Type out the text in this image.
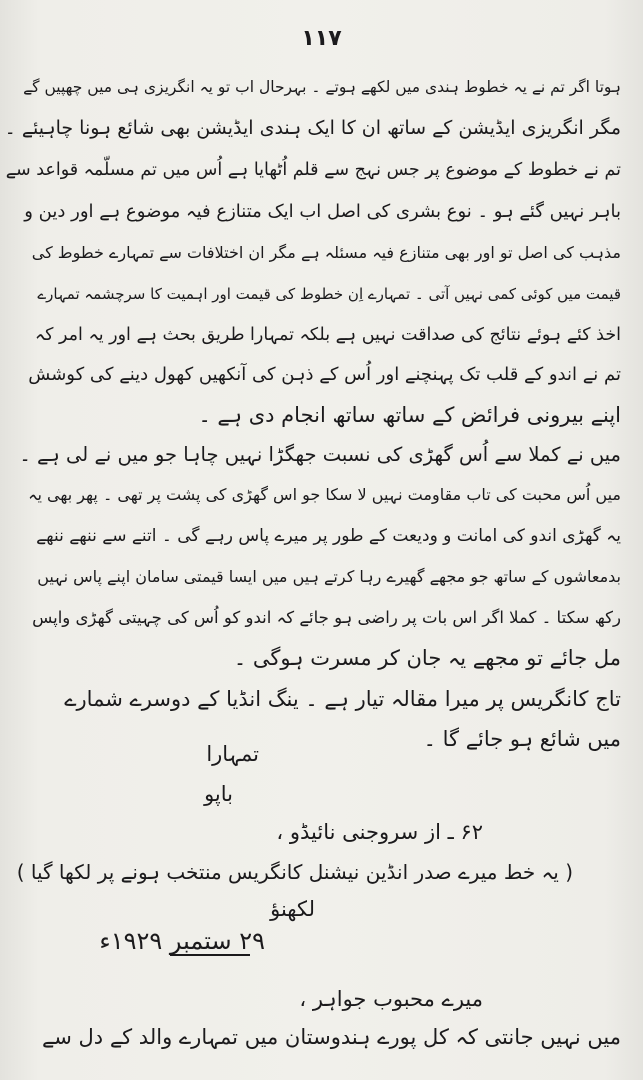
۱۱۷
ہوتا اگر تم نے یہ خطوط ہندی میں لکھے ہوتے ۔ بہرحال اب تو یہ انگریزی ہی میں چھپیں گے
مگر انگریزی ایڈیشن کے ساتھ ان کا ایک ہندی ایڈیشن بھی شائع ہونا چاہیئے ۔
تم نے خطوط کے موضوع پر جس نہج سے قلم اُٹھایا ہے اُس میں تم مسلّمہ قواعد سے
باہر نہیں گئے ہو ۔ نوع بشری کی اصل اب ایک متنازع فیہ موضوع ہے اور دین و
مذہب کی اصل تو اور بھی متنازع فیہ مسئلہ ہے مگر ان اختلافات سے تمہارے خطوط کی
قیمت میں کوئی کمی نہیں آتی ۔ تمہارے اِن خطوط کی قیمت اور اہمیت کا سرچشمہ تمہارے
اخذ کئے ہوئے نتائج کی صداقت نہیں ہے بلکہ تمہارا طریق بحث ہے اور یہ امر کہ
تم نے اندو کے قلب تک پہنچنے اور اُس کے ذہن کی آنکھیں کھول دینے کی کوشش
اپنے بیرونی فرائض کے ساتھ ساتھ انجام دی ہے ۔
میں نے کملا سے اُس گھڑی کی نسبت جھگڑا نہیں چاہا جو میں نے لی ہے ۔
میں اُس محبت کی تاب مقاومت نہیں لا سکا جو اس گھڑی کی پشت پر تھی ۔ پھر بھی یہ
یہ گھڑی اندو کی امانت و ودیعت کے طور پر میرے پاس رہے گی ۔ اتنے سے ننھے ننھے
بدمعاشوں کے ساتھ جو مجھے گھیرے رہا کرتے ہیں میں ایسا قیمتی سامان اپنے پاس نہیں
رکھ سکتا ۔ کملا اگر اس بات پر راضی ہو جائے کہ اندو کو اُس کی چہیتی گھڑی واپس
مل جائے تو مجھے یہ جان کر مسرت ہوگی ۔
تاج کانگریس پر میرا مقالہ تیار ہے ۔ ینگ انڈیا کے دوسرے شمارے
میں شائع ہو جائے گا ۔
تمہارا
باپو
۶۲ ـ از سروجنی نائیڈو ،
( یہ خط میرے صدر انڈین نیشنل کانگریس منتخب ہونے پر لکھا گیا )
لکھنؤ
۲۹ ستمبر ۱۹۲۹ء
میرے محبوب جواہر ،
میں نہیں جانتی کہ کل پورے ہندوستان میں تمہارے والد کے دل سے
